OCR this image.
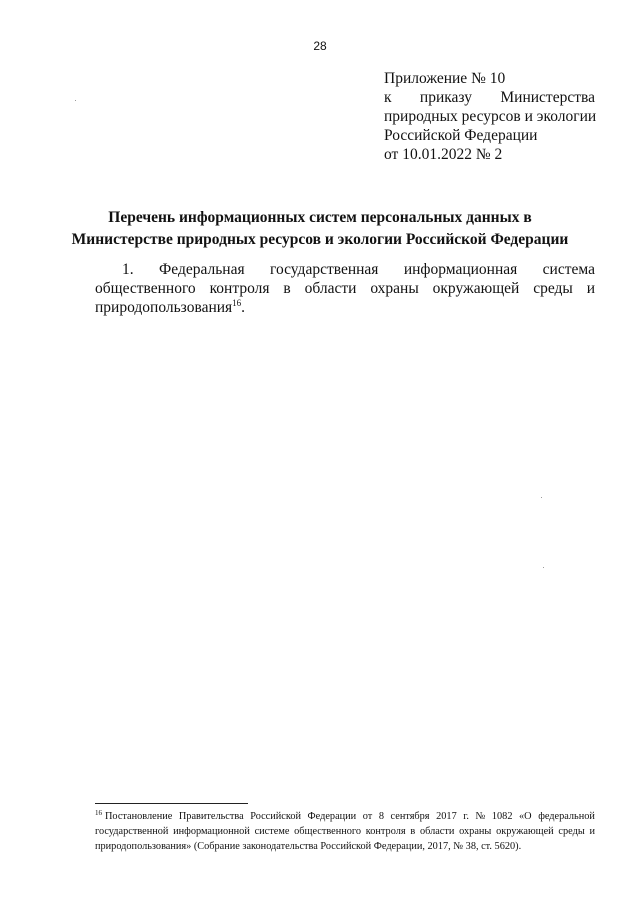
28
Приложение № 10
к приказу Министерства
природных ресурсов и экологии
Российской Федерации
от 10.01.2022 № 2
Перечень информационных систем персональных данных в
Министерстве природных ресурсов и экологии Российской Федерации
1. Федеральная государственная информационная система
общественного контроля в области охраны окружающей среды и
природопользования$^{16}$.
$^{16}$ Постановление Правительства Российской Федерации от 8 сентября 2017 г. № 1082 «О федеральной
государственной информационной системе общественного контроля в области охраны окружающей среды и
природопользования» (Собрание законодательства Российской Федерации, 2017, № 38, ст. 5620).
